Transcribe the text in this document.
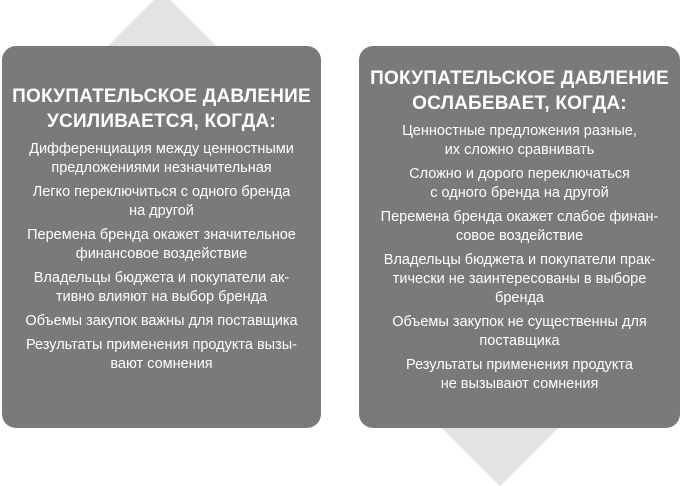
ПОКУПАТЕЛЬСКОЕ ДАВЛЕНИЕ
УСИЛИВАЕТСЯ, КОГДА:
Дифференциация между ценностными
предложениями незначительная
Легко переключиться с одного бренда
на другой
Перемена бренда окажет значительное
финансовое воздействие
Владельцы бюджета и покупатели ак-
тивно влияют на выбор бренда
Объемы закупок важны для поставщика
Результаты применения продукта вызы-
вают сомнения
ПОКУПАТЕЛЬСКОЕ ДАВЛЕНИЕ
ОСЛАБЕВАЕТ, КОГДА:
Ценностные предложения разные,
их сложно сравнивать
Сложно и дорого переключаться
с одного бренда на другой
Перемена бренда окажет слабое финан-
совое воздействие
Владельцы бюджета и покупатели прак-
тически не заинтересованы в выборе
бренда
Объемы закупок не существенны для
поставщика
Результаты применения продукта
не вызывают сомнения
